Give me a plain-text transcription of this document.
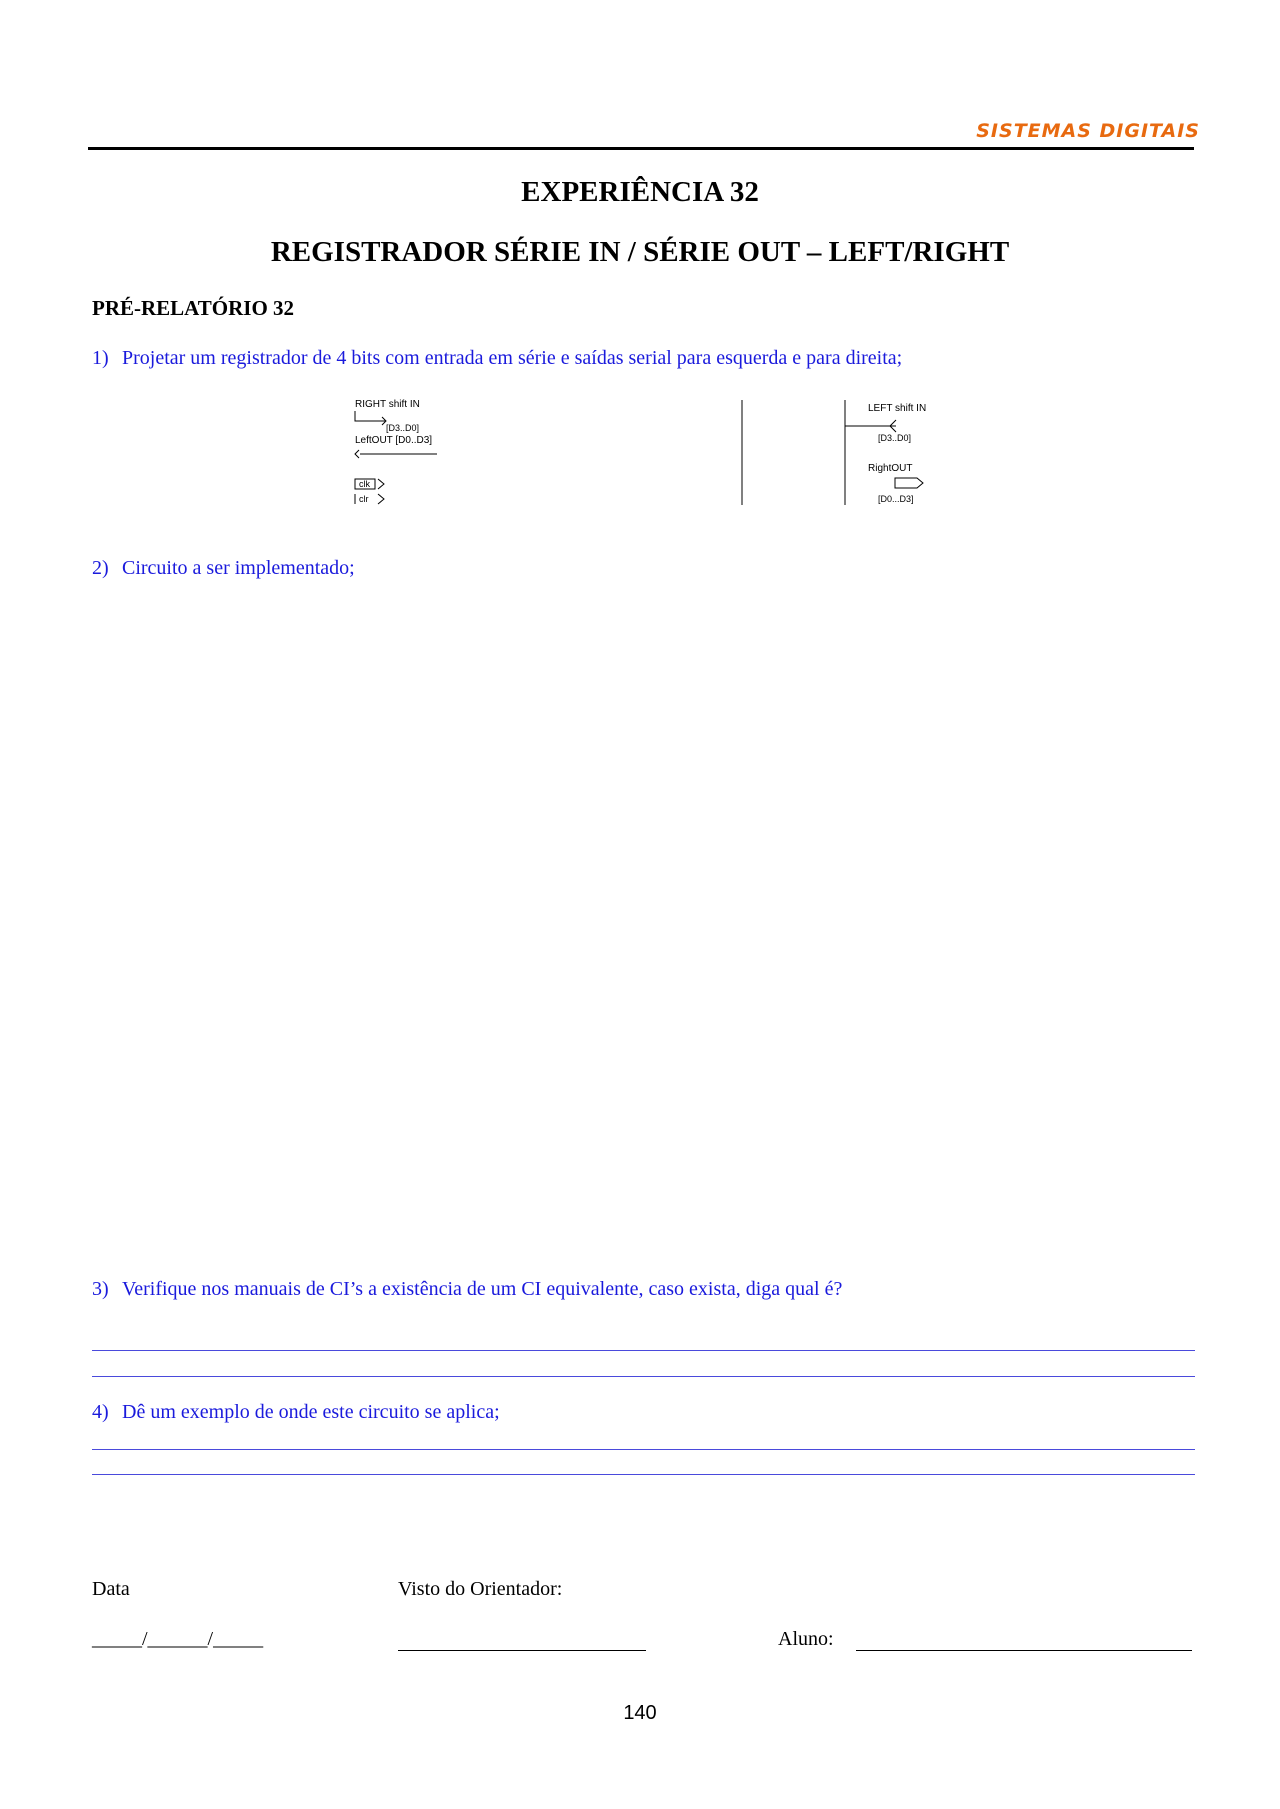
SISTEMAS DIGITAIS
EXPERIÊNCIA 32
REGISTRADOR SÉRIE IN / SÉRIE OUT – LEFT/RIGHT
PRÉ-RELATÓRIO 32
1) Projetar um registrador de 4 bits com entrada em série e saídas serial para esquerda e para direita;
RIGHT shift IN
[D3..D0]
LeftOUT [D0..D3]
clk
clr
LEFT shift IN
[D3..D0]
RightOUT
[D0...D3]
2) Circuito a ser implementado;
3) Verifique nos manuais de CI’s a existência de um CI equivalente, caso exista, diga qual é?
4) Dê um exemplo de onde este circuito se aplica;
Data	Visto do Orientador:
_____/______/_____	Aluno:
140
